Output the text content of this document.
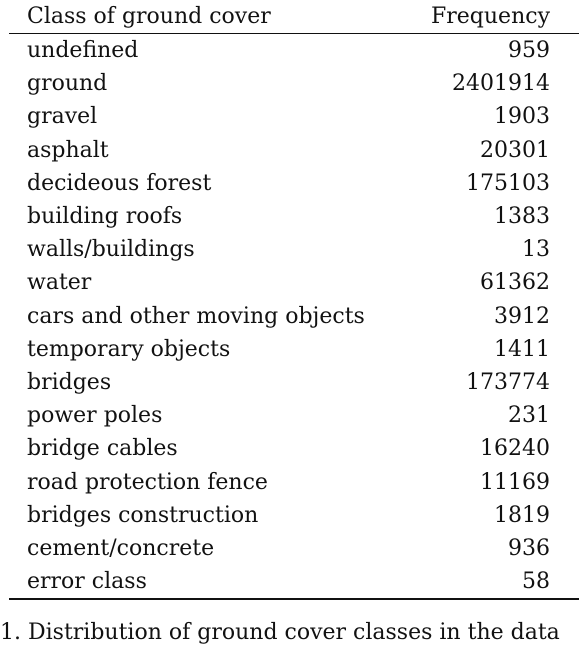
Class of ground cover	Frequency
undefined	959
ground	2401914
gravel	1903
asphalt	20301
decideous forest	175103
building roofs	1383
walls/buildings	13
water	61362
cars and other moving objects	3912
temporary objects	1411
bridges	173774
power poles	231
bridge cables	16240
road protection fence	11169
bridges construction	1819
cement/concrete	936
error class	58
1. Distribution of ground cover classes in the data
